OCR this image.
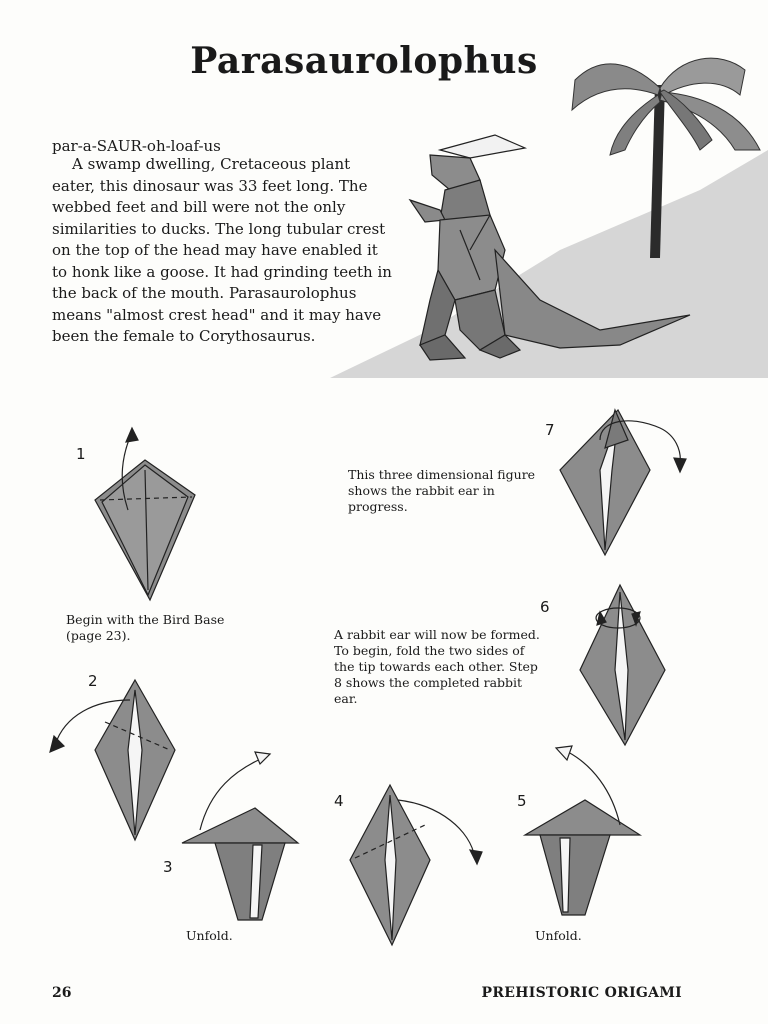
Parasaurolophus
par-a-SAUR-oh-loaf-us
A swamp dwelling, Cretaceous plant eater, this dinosaur was 33 feet long. The webbed feet and bill were not the only similarities to ducks. The long tubular crest on the top of the head may have enabled it to honk like a goose. It had grinding teeth in the back of the mouth. Parasaurolophus means "almost crest head" and it may have been the female to Corythosaurus.
1
Begin with the Bird Base (page 23).
2
3
Unfold.
4	5
Unfold.
6
A rabbit ear will now be formed. To begin, fold the two sides of the tip towards each other. Step 8 shows the completed rabbit ear.
7
This three dimensional figure shows the rabbit ear in progress.
26	PREHISTORIC ORIGAMI
